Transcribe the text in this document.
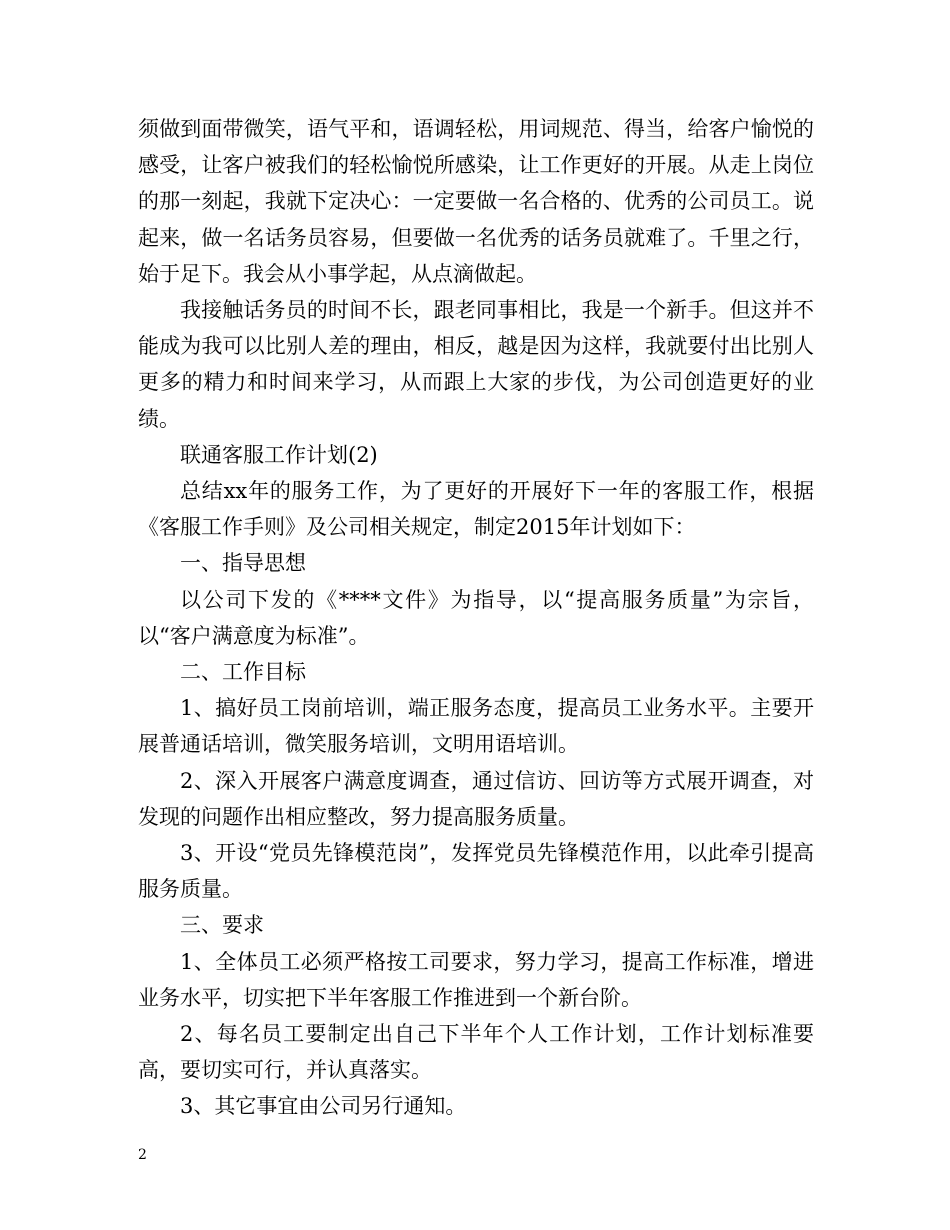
须做到面带微笑，语气平和，语调轻松，用词规范、得当，给客户愉悦的感受，让客户被我们的轻松愉悦所感染，让工作更好的开展。从走上岗位的那一刻起，我就下定决心：一定要做一名合格的、优秀的公司员工。说起来，做一名话务员容易，但要做一名优秀的话务员就难了。千里之行，始于足下。我会从小事学起，从点滴做起。

我接触话务员的时间不长，跟老同事相比，我是一个新手。但这并不能成为我可以比别人差的理由，相反，越是因为这样，我就要付出比别人更多的精力和时间来学习，从而跟上大家的步伐，为公司创造更好的业绩。

联通客服工作计划(2)

总结xx年的服务工作，为了更好的开展好下一年的客服工作，根据《客服工作手则》及公司相关规定，制定2015年计划如下：

一、指导思想

以公司下发的《****文件》为指导，以“提高服务质量”为宗旨，以“客户满意度为标准”。

二、工作目标

1、搞好员工岗前培训，端正服务态度，提高员工业务水平。主要开展普通话培训，微笑服务培训，文明用语培训。

2、深入开展客户满意度调查，通过信访、回访等方式展开调查，对发现的问题作出相应整改，努力提高服务质量。

3、开设“党员先锋模范岗”，发挥党员先锋模范作用，以此牵引提高服务质量。

三、要求

1、全体员工必须严格按工司要求，努力学习，提高工作标准，增进业务水平，切实把下半年客服工作推进到一个新台阶。

2、每名员工要制定出自己下半年个人工作计划，工作计划标准要高，要切实可行，并认真落实。

3、其它事宜由公司另行通知。

2
